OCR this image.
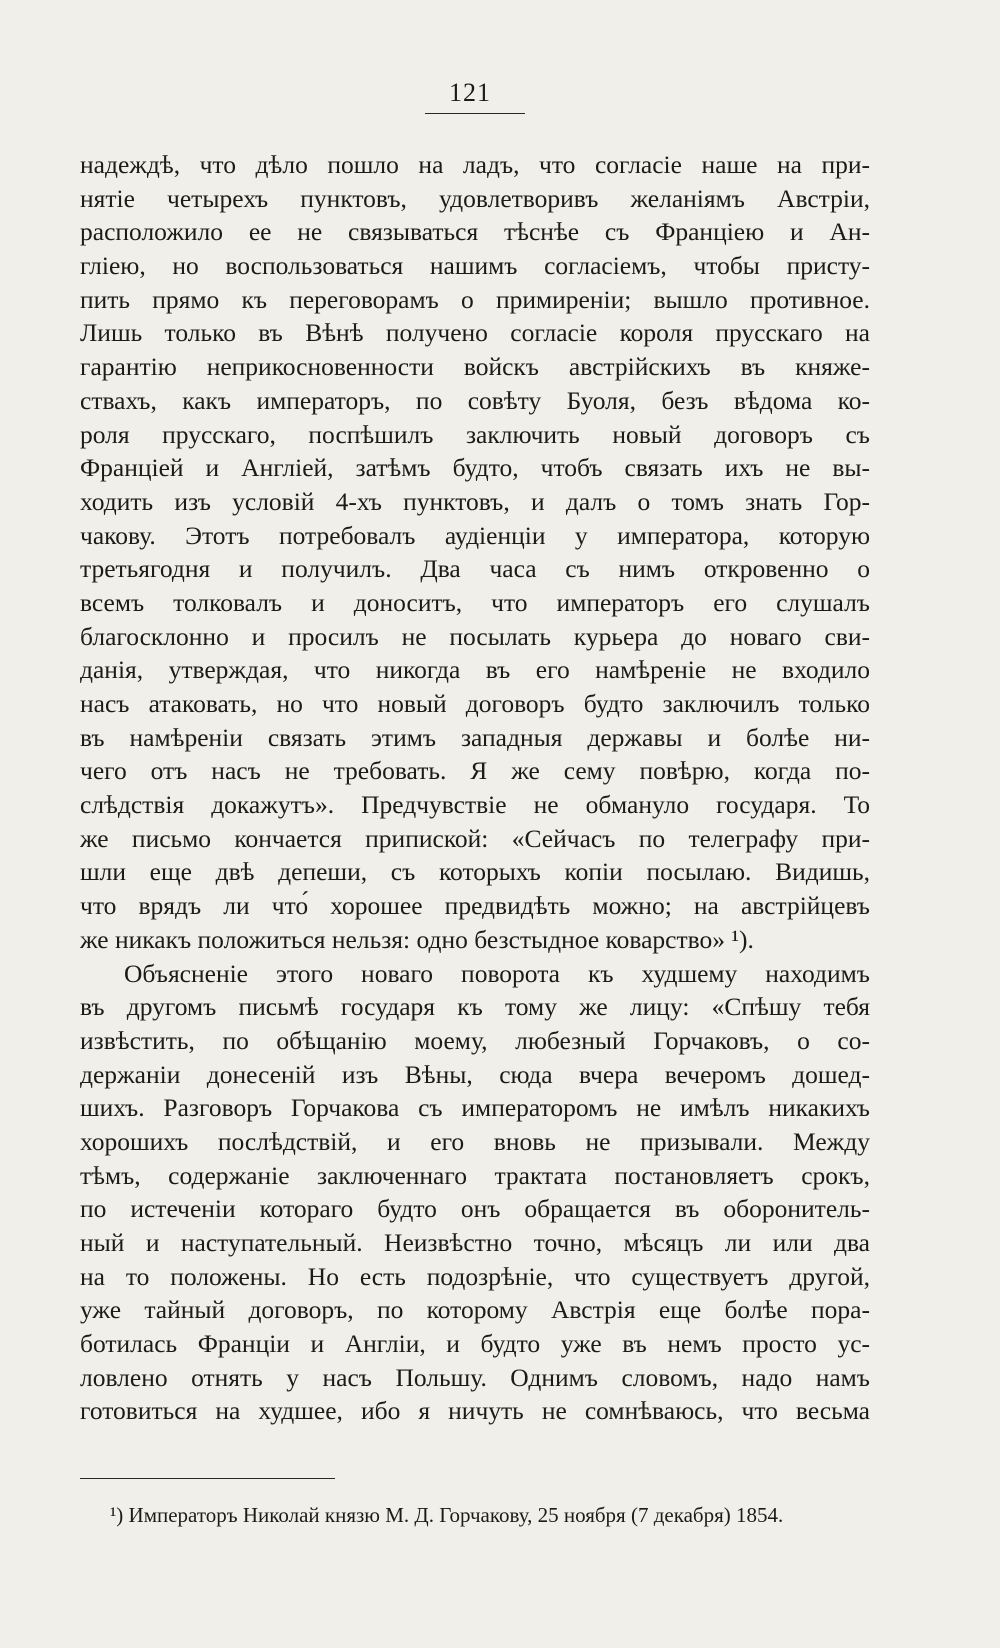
121
надеждѣ, что дѣло пошло на ладъ, что согласіе наше на при-
нятіе четырехъ пунктовъ, удовлетворивъ желаніямъ Австріи,
расположило ее не связываться тѣснѣе съ Франціею и Ан-
гліею, но воспользоваться нашимъ согласіемъ, чтобы присту-
пить прямо къ переговорамъ о примиреніи; вышло противное.
Лишь только въ Вѣнѣ получено согласіе короля прусскаго на
гарантію неприкосновенности войскъ австрійскихъ въ княже-
ствахъ, какъ императоръ, по совѣту Буоля, безъ вѣдома ко-
роля прусскаго, поспѣшилъ заключить новый договоръ съ
Франціей и Англіей, затѣмъ будто, чтобъ связать ихъ не вы-
ходить изъ условій 4-хъ пунктовъ, и далъ о томъ знать Гор-
чакову. Этотъ потребовалъ аудіенціи у императора, которую
третьягодня и получилъ. Два часа съ нимъ откровенно о
всемъ толковалъ и доноситъ, что императоръ его слушалъ
благосклонно и просилъ не посылать курьера до новаго сви-
данія, утверждая, что никогда въ его намѣреніе не входило
насъ атаковать, но что новый договоръ будто заключилъ только
въ намѣреніи связать этимъ западныя державы и болѣе ни-
чего отъ насъ не требовать. Я же сему повѣрю, когда по-
слѣдствія докажутъ». Предчувствіе не обмануло государя. То
же письмо кончается припиской: «Сейчасъ по телеграфу при-
шли еще двѣ депеши, съ которыхъ копіи посылаю. Видишь,
что врядъ ли что́ хорошее предвидѣть можно; на австрійцевъ
же никакъ положиться нельзя: одно безстыдное коварство» ¹).
Объясненіе этого новаго поворота къ худшему находимъ
въ другомъ письмѣ государя къ тому же лицу: «Спѣшу тебя
извѣстить, по обѣщанію моему, любезный Горчаковъ, о со-
держаніи донесеній изъ Вѣны, сюда вчера вечеромъ дошед-
шихъ. Разговоръ Горчакова съ императоромъ не имѣлъ никакихъ
хорошихъ послѣдствій, и его вновь не призывали. Между
тѣмъ, содержаніе заключеннаго трактата постановляетъ срокъ,
по истеченіи котораго будто онъ обращается въ оборонитель-
ный и наступательный. Неизвѣстно точно, мѣсяцъ ли или два
на то положены. Но есть подозрѣніе, что существуетъ другой,
уже тайный договоръ, по которому Австрія еще болѣе пора-
ботилась Франціи и Англіи, и будто уже въ немъ просто ус-
ловлено отнять у насъ Польшу. Однимъ словомъ, надо намъ
готовиться на худшее, ибо я ничуть не сомнѣваюсь, что весьма
¹) Императоръ Николай князю М. Д. Горчакову, 25 ноября (7 декабря) 1854.
